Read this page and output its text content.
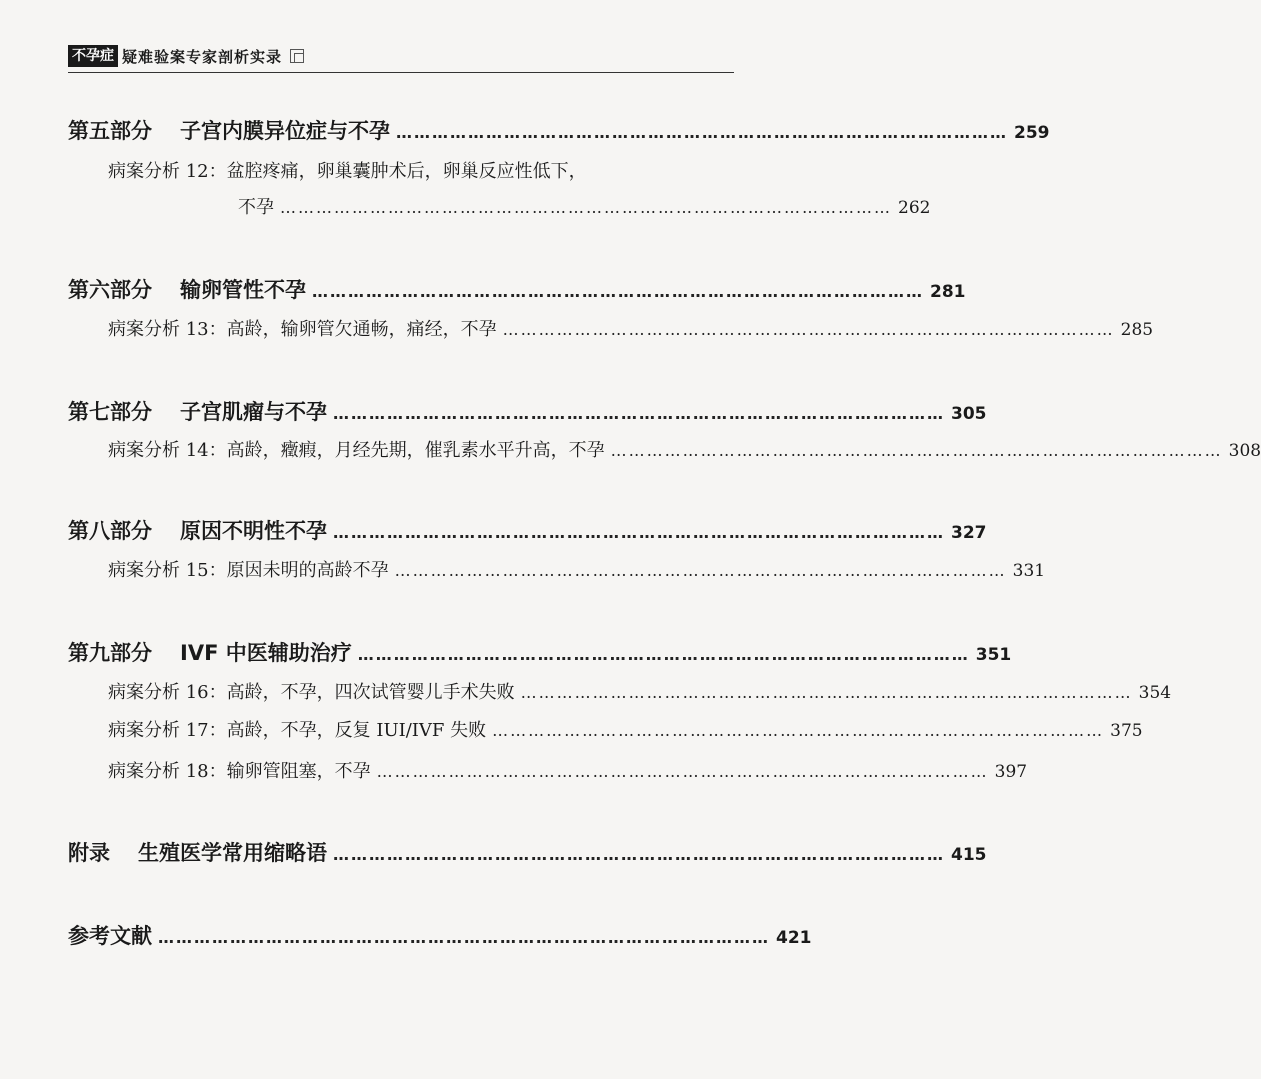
不孕症 疑难验案专家剖析实录
第五部分 子宫内膜异位症与不孕 ………………………………………………………………………………………… 259
病案分析 12：盆腔疼痛，卵巢囊肿术后，卵巢反应性低下，
不孕 ………………………………………………………………………………………… 262
第六部分 输卵管性不孕 ………………………………………………………………………………………… 281
病案分析 13：高龄，输卵管欠通畅，痛经，不孕 ………………………………………………………………………………………… 285
第七部分 子宫肌瘤与不孕 ………………………………………………………………………………………… 305
病案分析 14：高龄，癥瘕，月经先期，催乳素水平升高，不孕 ………………………………………………………………………………………… 308
第八部分 原因不明性不孕 ………………………………………………………………………………………… 327
病案分析 15：原因未明的高龄不孕 ………………………………………………………………………………………… 331
第九部分 IVF 中医辅助治疗 ………………………………………………………………………………………… 351
病案分析 16：高龄，不孕，四次试管婴儿手术失败 ………………………………………………………………………………………… 354
病案分析 17：高龄，不孕，反复 IUI/IVF 失败 ………………………………………………………………………………………… 375
病案分析 18：输卵管阻塞，不孕 ………………………………………………………………………………………… 397
附录 生殖医学常用缩略语 ………………………………………………………………………………………… 415
参考文献 ………………………………………………………………………………………… 421
